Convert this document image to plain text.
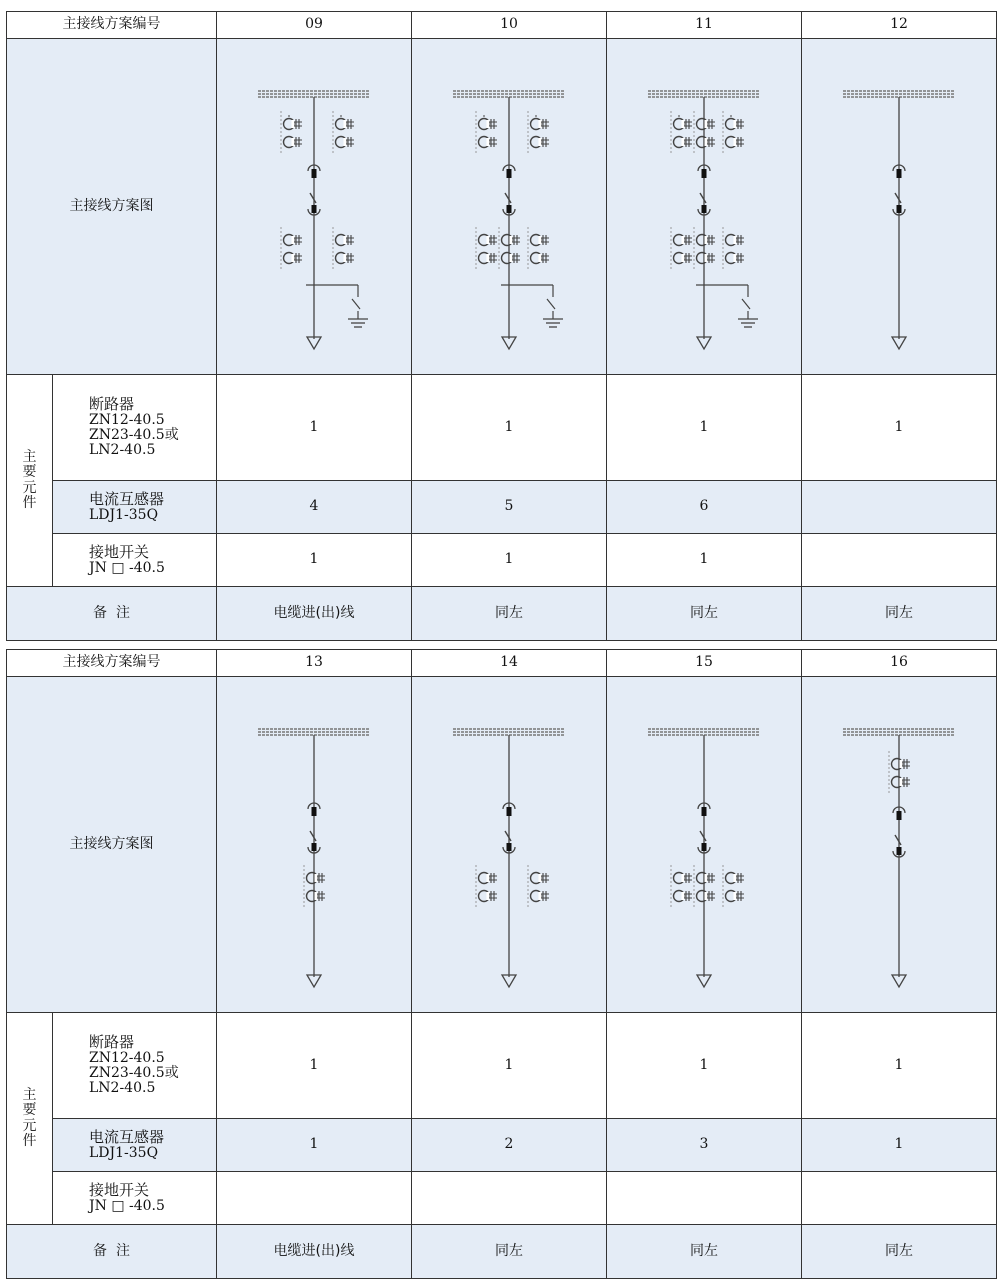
主接线方案编号		09	10	11	12
主接线方案图	

主
要
元
件	断路器
ZN12-40.5
ZN23-40.5或
LN2-40.5	1	1	1	1

	电流互感器
LDJ1-35Q	4	5	6	

	接地开关
JN □ -40.5	1	1	1	
备  注		电缆进(出)线	同左	同左	同左
主接线方案编号		13	14	15	16
主接线方案图	

主
要
元
件	断路器
ZN12-40.5
ZN23-40.5或
LN2-40.5	1	1	1	1

	电流互感器
LDJ1-35Q	1	2	3	1

	接地开关
JN □ -40.5				

备  注		电缆进(出)线	同左	同左	同左
